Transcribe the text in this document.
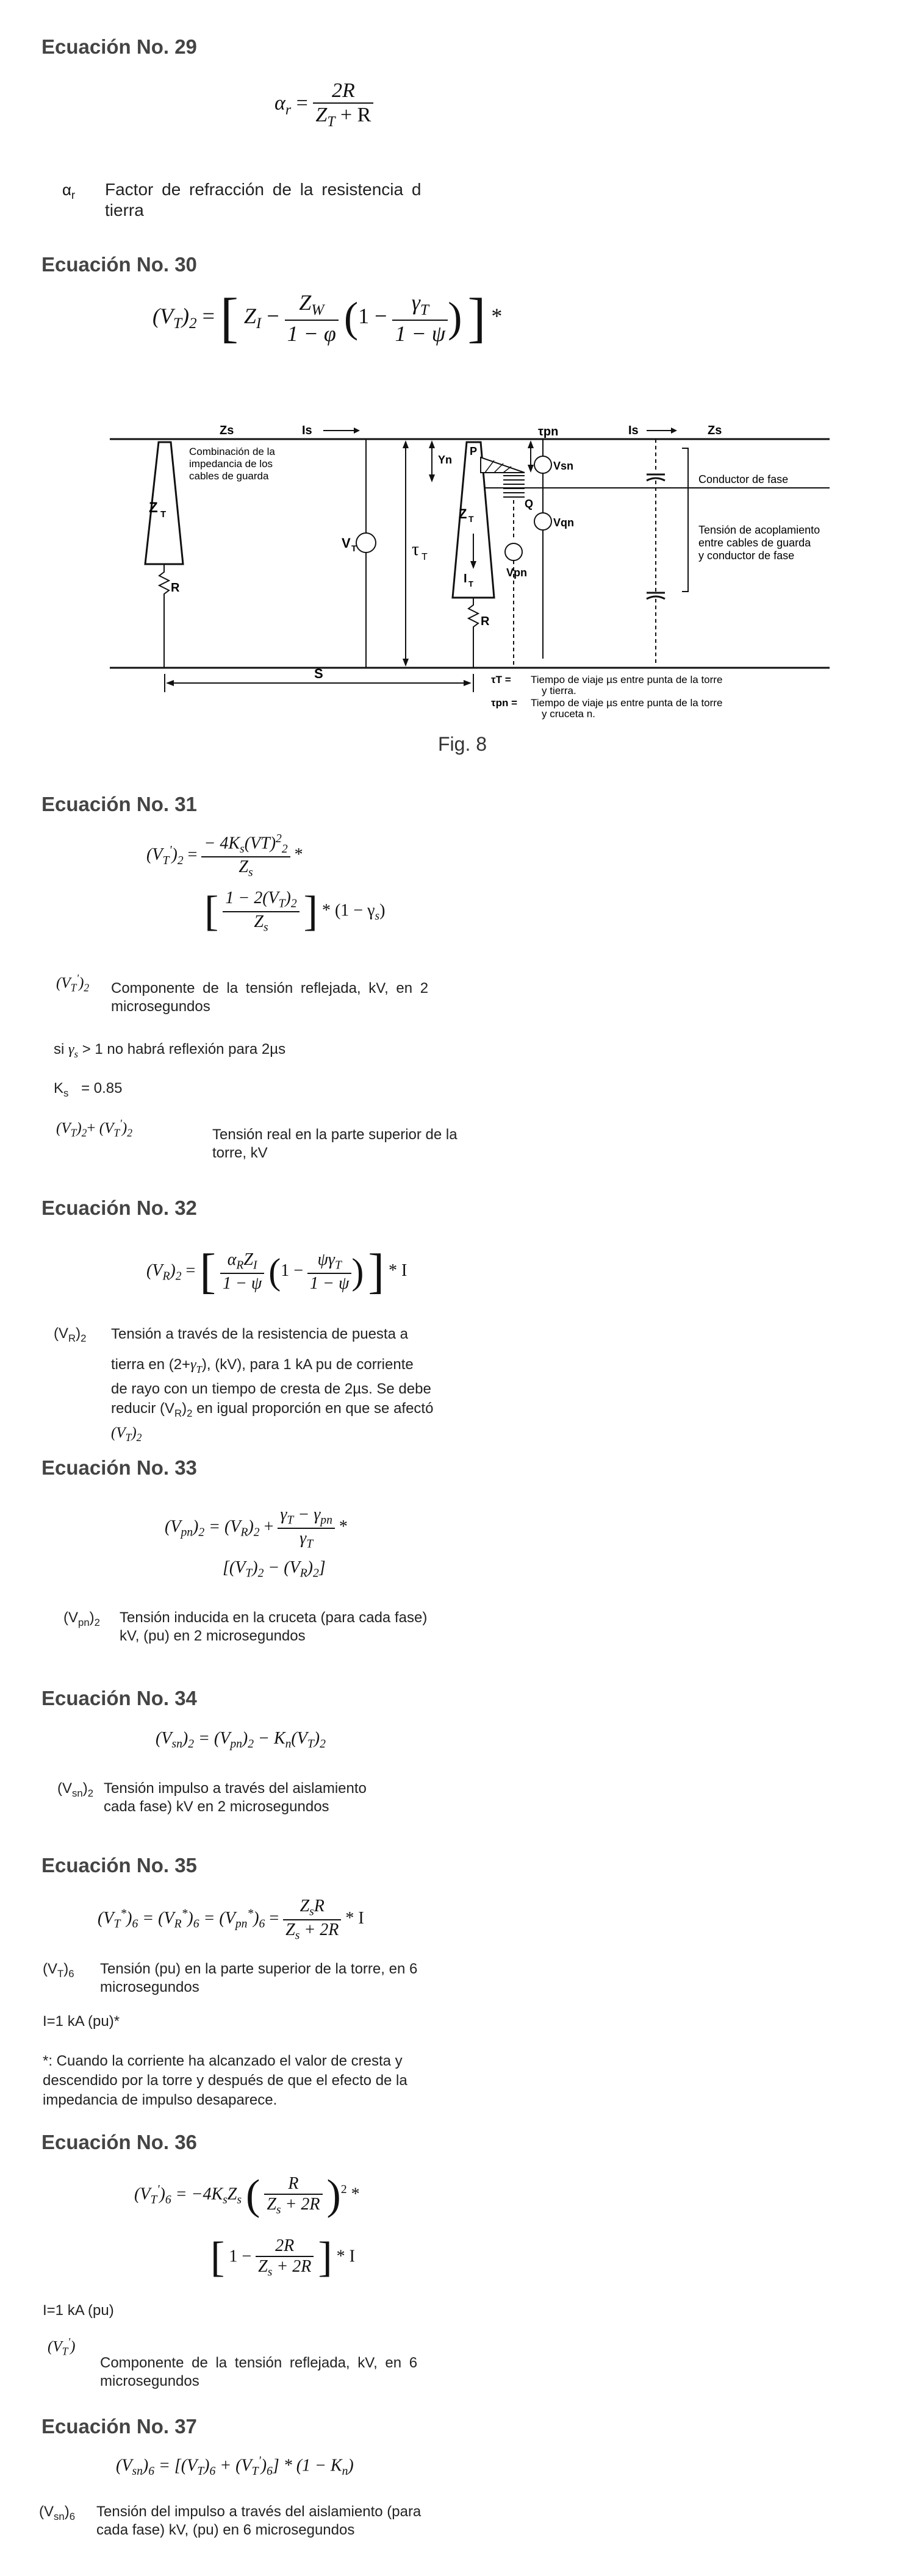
Ecuación No. 29
$\alpha_r = \frac{2R}{Z_T + R}$
$\alpha_r$ Factor de refracción de la resistencia d
tierra
Ecuación No. 30
$(V_T)_2$ = [ $Z_I - \frac{Z_W}{1 - \varphi} (1 - \frac{\gamma_T}{1 - \psi}$ ) ] *
Z T
R
Zs	Is	Is	Zs
Combinación de la
impedancia de los
cables de guarda
V T	τ T
Yn
P
Z T
I T
R
Q
Vpn
Vsn
Vqn
τpn
Conductor de fase
Tensión de acoplamiento
entre cables de guarda
y conductor de fase
S	τT = Tiempo de viaje µs entre punta de la torre
y tierra.
τpn = Tiempo de viaje µs entre punta de la torre
y cruceta n.
Fig. 8
Ecuación No. 31
$(V_T')_2 = \frac{- 4K_s(VT)^2_2}{Z_s}$ *
[ $\frac{1 - 2(V_T)_2}{Z_s}$ ] * $(1 - \gamma_s)$
$(V_T')_2$ Componente de la tensión reflejada, kV, en 2
microsegundos
si $\gamma_s > 1$ no habrá reflexión para 2µs
$K_s = 0.85$
$(V_T)_2+ (V_T')_2$	Tensión real en la parte superior de la
torre, kV
Ecuación No. 32
$(V_R)_2$ = [ $\frac{\alpha_RZ_I}{1 - \psi} (1 - \frac{\psi\gamma_T}{1 - \psi}$ ) ] * I
$(V_R)_2$ Tensión a través de la resistencia de puesta a
tierra en $(2+\gamma_T)$, (kV), para 1 kA pu de corriente
de rayo con un tiempo de cresta de 2µs. Se debe
reducir $(V_R)_2$ en igual proporción en que se afectó
$(V_T)_2$
Ecuación No. 33
$(V_{pn})_2 = (V_R)_2 + \frac{\gamma_T - \gamma_{pn}}{\gamma_T}$ *
$[(V_T)_2 - (V_R)_2]$
$(V_{pn})_2$ Tensión inducida en la cruceta (para cada fase)
kV, (pu) en 2 microsegundos
Ecuación No. 34
$(V_{sn})_2 = (V_{pn})_2 - K_n(V_T)_2$
$(V_{sn})_2$ Tensión impulso a través del aislamiento
cada fase) kV en 2 microsegundos
Ecuación No. 35
$(V_T^*)_6 = (V_R^*)_6 = (V_{pn}^*)_6 = \frac{Z_sR}{Z_s + 2R} * I$
$(V_T)_6$ Tensión (pu) en la parte superior de la torre, en 6
microsegundos
I=1 kA (pu)*
*: Cuando la corriente ha alcanzado el valor de cresta y
descendido por la torre y después de que el efecto de la
impedancia de impulso desaparece.
Ecuación No. 36
$(V_T')_6 = -4K_sZ_s$ ( $\frac{R}{Z_s + 2R} )^2$ *
[ $1 - \frac{2R}{Z_s + 2R}$ ] * I
I=1 kA (pu)
$(V_T')$
Componente de la tensión reflejada, kV, en 6
microsegundos
Ecuación No. 37
$(V_{sn})_6 = [(V_T)_6 + (V_T')_6] * (1 - K_n)$
$(V_{sn})_6$ Tensión del impulso a través del aislamiento (para
cada fase) kV, (pu) en 6 microsegundos
